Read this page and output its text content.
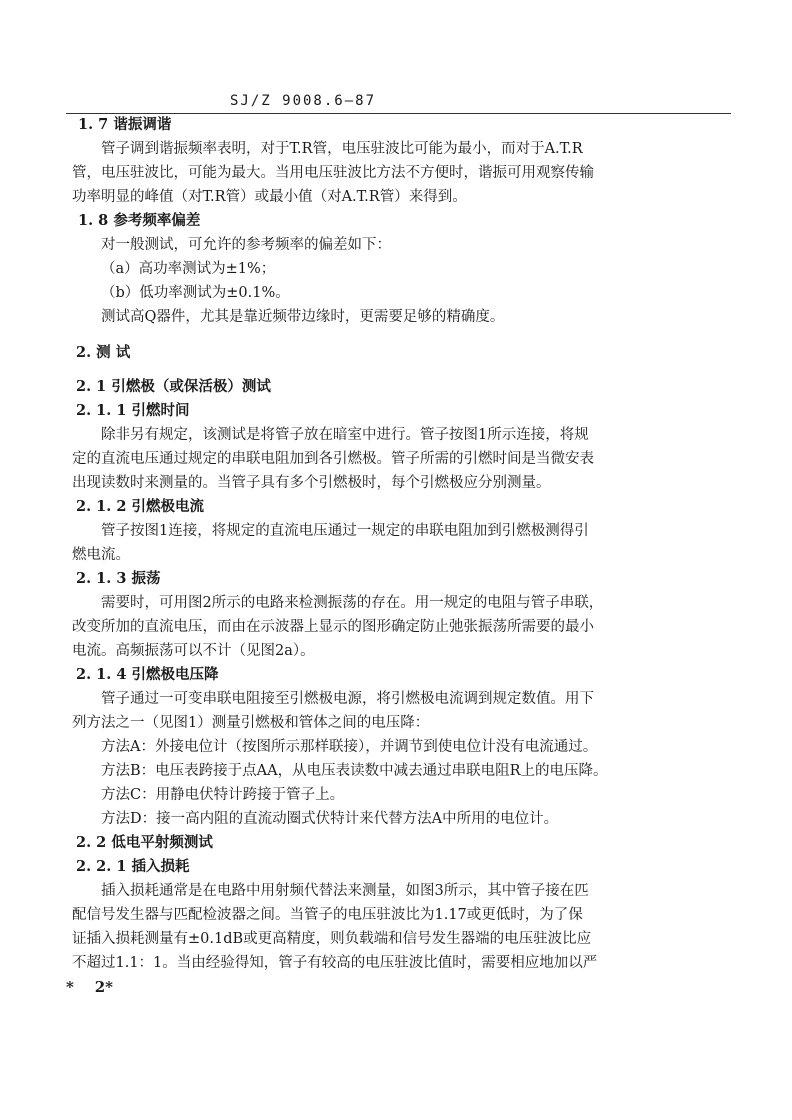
SJ/Z 9008.6—87
1. 7 谐振调谐
管子调到谐振频率表明，对于T.R管，电压驻波比可能为最小，而对于A.T.R
管，电压驻波比，可能为最大。当用电压驻波比方法不方便时，谐振可用观察传输
功率明显的峰值（对T.R管）或最小值（对A.T.R管）来得到。
1. 8 参考频率偏差
对一般测试，可允许的参考频率的偏差如下：
（a）高功率测试为±1%；
（b）低功率测试为±0.1%。
测试高Q器件，尤其是靠近频带边缘时，更需要足够的精确度。
2. 测 试
2. 1 引燃极（或保活极）测试
2. 1. 1 引燃时间
除非另有规定，该测试是将管子放在暗室中进行。管子按图1所示连接，将规
定的直流电压通过规定的串联电阻加到各引燃极。管子所需的引燃时间是当微安表
出现读数时来测量的。当管子具有多个引燃极时，每个引燃极应分别测量。
2. 1. 2 引燃极电流
管子按图1连接，将规定的直流电压通过一规定的串联电阻加到引燃极测得引
燃电流。
2. 1. 3 振荡
需要时，可用图2所示的电路来检测振荡的存在。用一规定的电阻与管子串联，
改变所加的直流电压，而由在示波器上显示的图形确定防止弛张振荡所需要的最小
电流。高频振荡可以不计（见图2a）。
2. 1. 4 引燃极电压降
管子通过一可变串联电阻接至引燃极电源，将引燃极电流调到规定数值。用下
列方法之一（见图1）测量引燃极和管体之间的电压降：
方法A：外接电位计（按图所示那样联接），并调节到使电位计没有电流通过。
方法B：电压表跨接于点AA，从电压表读数中减去通过串联电阻R上的电压降。
方法C：用静电伏特计跨接于管子上。
方法D：接一高内阻的直流动圈式伏特计来代替方法A中所用的电位计。
2. 2 低电平射频测试
2. 2. 1 插入损耗
插入损耗通常是在电路中用射频代替法来测量，如图3所示，其中管子接在匹
配信号发生器与匹配检波器之间。当管子的电压驻波比为1.17或更低时，为了保
证插入损耗测量有±0.1dB或更高精度，则负载端和信号发生器端的电压驻波比应
不超过1.1：1。当由经验得知，管子有较高的电压驻波比值时，需要相应地加以严
*    2*
